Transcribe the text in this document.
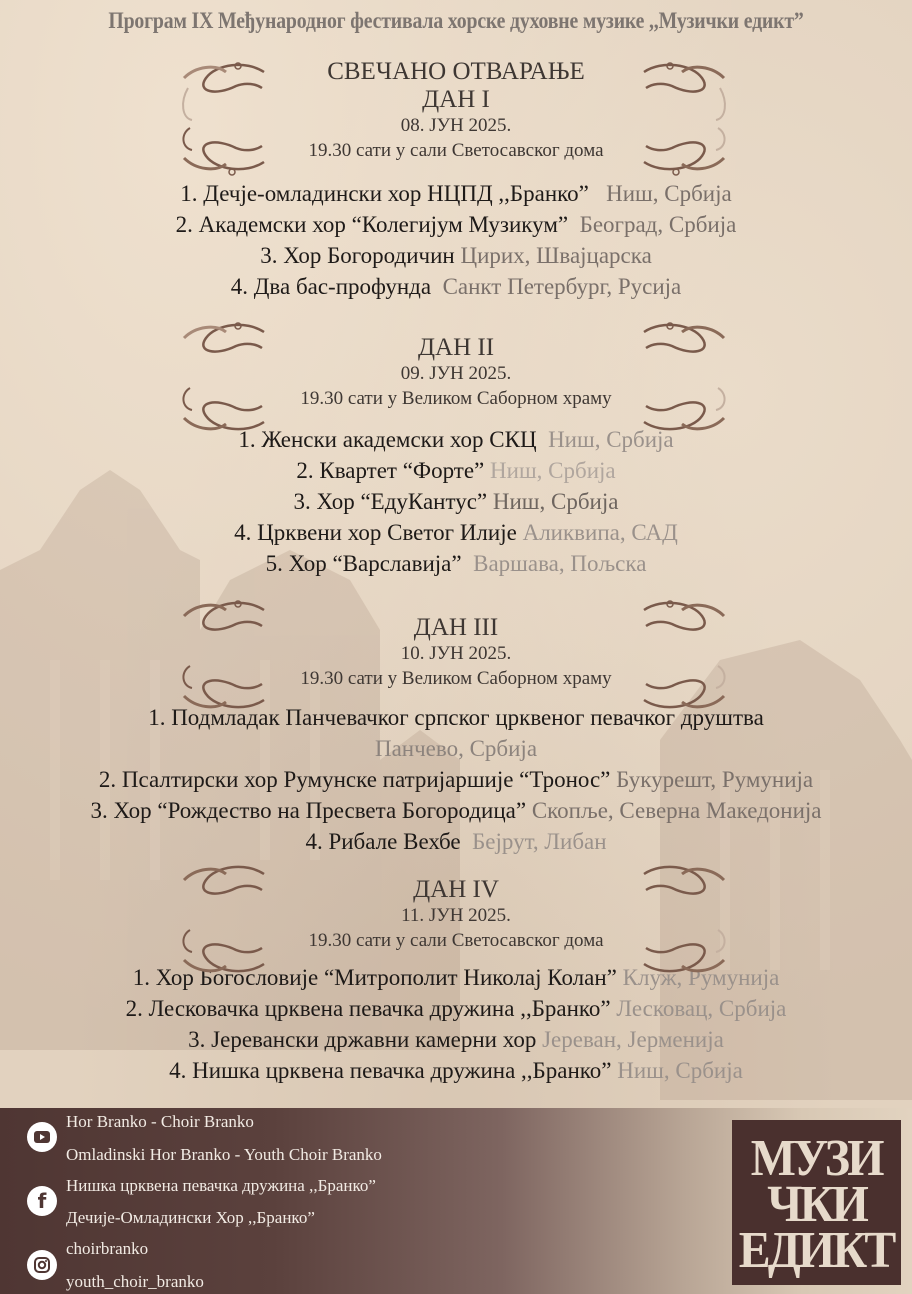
Програм IX Међународног фестивала хорске духовне музике ,,Музички едикт”
СВЕЧАНО ОТВАРАЊЕ
ДАН I
08. ЈУН 2025.
19.30 сати у сали Светосавског дома
1. Дечје-омладински хор НЦПД ,,Бранко” Ниш, Србија
2. Академски хор “Колегијум Музикум” Београд, Србија
3. Хор Богородичин Цирих, Швајцарска
4. Два бас-профунда Санкт Петербург, Русија
ДАН II
09. ЈУН 2025.
19.30 сати у Великом Саборном храму
1. Женски академски хор СКЦ Ниш, Србија
2. Квартет “Форте” Ниш, Србија
3. Хор “ЕдуКантус” Ниш, Србија
4. Црквени хор Светог Илије Аликвипа, САД
5. Хор “Варславија” Варшава, Пољска
ДАН III
10. ЈУН 2025.
19.30 сати у Великом Саборном храму
1. Подмладак Панчевачког српског црквеног певачког друштва
Панчево, Србија
2. Псалтирски хор Румунске патријаршије “Тронос” Букурешт, Румунија
3. Хор “Рождество на Пресвета Богородица” Скопље, Северна Македонија
4. Рибале Вехбе Бејрут, Либан
ДАН IV
11. ЈУН 2025.
19.30 сати у сали Светосавског дома
1. Хор Богословије “Митрополит Николај Колан” Клуж, Румунија
2. Лесковачка црквена певачка дружина ,,Бранко” Лесковац, Србија
3. Јеревански државни камерни хор Јереван, Јерменија
4. Нишка црквена певачка дружина ,,Бранко” Ниш, Србија
Hor Branko - Choir Branko
Omladinski Hor Branko - Youth Choir Branko
f
Нишка црквена певачка дружина ,,Бранко”
Дечије-Омладински Хор ,,Бранко”
choirbranko
youth_choir_branko
МУЗИ
ЧКИ
ЕДИКТ
